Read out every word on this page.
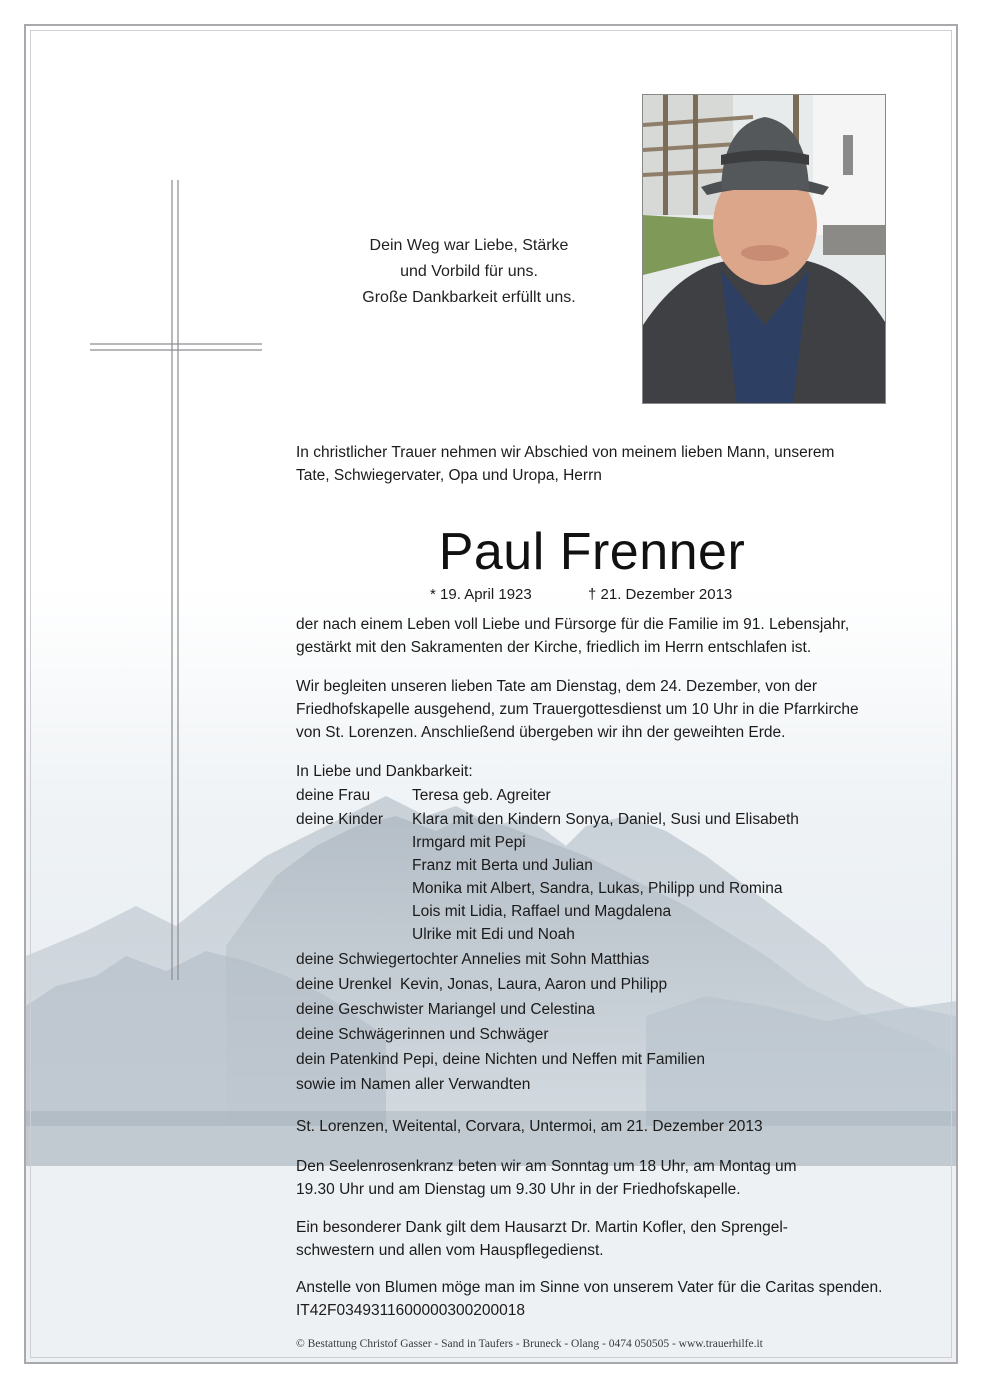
Dein Weg war Liebe, Stärke
und Vorbild für uns.
Große Dankbarkeit erfüllt uns.
In christlicher Trauer nehmen wir Abschied von meinem lieben Mann, unserem
Tate, Schwiegervater, Opa und Uropa, Herrn
Paul Frenner
* 19. April 1923	† 21. Dezember 2013
der nach einem Leben voll Liebe und Fürsorge für die Familie im 91. Lebensjahr,
gestärkt mit den Sakramenten der Kirche, friedlich im Herrn entschlafen ist.
Wir begleiten unseren lieben Tate am Dienstag, dem 24. Dezember, von der
Friedhofskapelle ausgehend, zum Trauergottesdienst um 10 Uhr in die Pfarrkirche
von St. Lorenzen. Anschließend übergeben wir ihn der geweihten Erde.
In Liebe und Dankbarkeit:
deine Frau	Teresa geb. Agreiter
deine Kinder Klara mit den Kindern Sonya, Daniel, Susi und Elisabeth
Irmgard mit Pepi
Franz mit Berta und Julian
Monika mit Albert, Sandra, Lukas, Philipp und Romina
Lois mit Lidia, Raffael und Magdalena
Ulrike mit Edi und Noah
deine Schwiegertochter Annelies mit Sohn Matthias
deine Urenkel Kevin, Jonas, Laura, Aaron und Philipp
deine Geschwister Mariangel und Celestina
deine Schwägerinnen und Schwäger
dein Patenkind Pepi, deine Nichten und Neffen mit Familien
sowie im Namen aller Verwandten
St. Lorenzen, Weitental, Corvara, Untermoi, am 21. Dezember 2013
Den Seelenrosenkranz beten wir am Sonntag um 18 Uhr, am Montag um
19.30 Uhr und am Dienstag um 9.30 Uhr in der Friedhofskapelle.
Ein besonderer Dank gilt dem Hausarzt Dr. Martin Kofler, den Sprengel-
schwestern und allen vom Hauspflegedienst.
Anstelle von Blumen möge man im Sinne von unserem Vater für die Caritas spenden.
IT42F0349311600000300200018
© Bestattung Christof Gasser - Sand in Taufers - Bruneck - Olang - 0474 050505 - www.trauerhilfe.it
